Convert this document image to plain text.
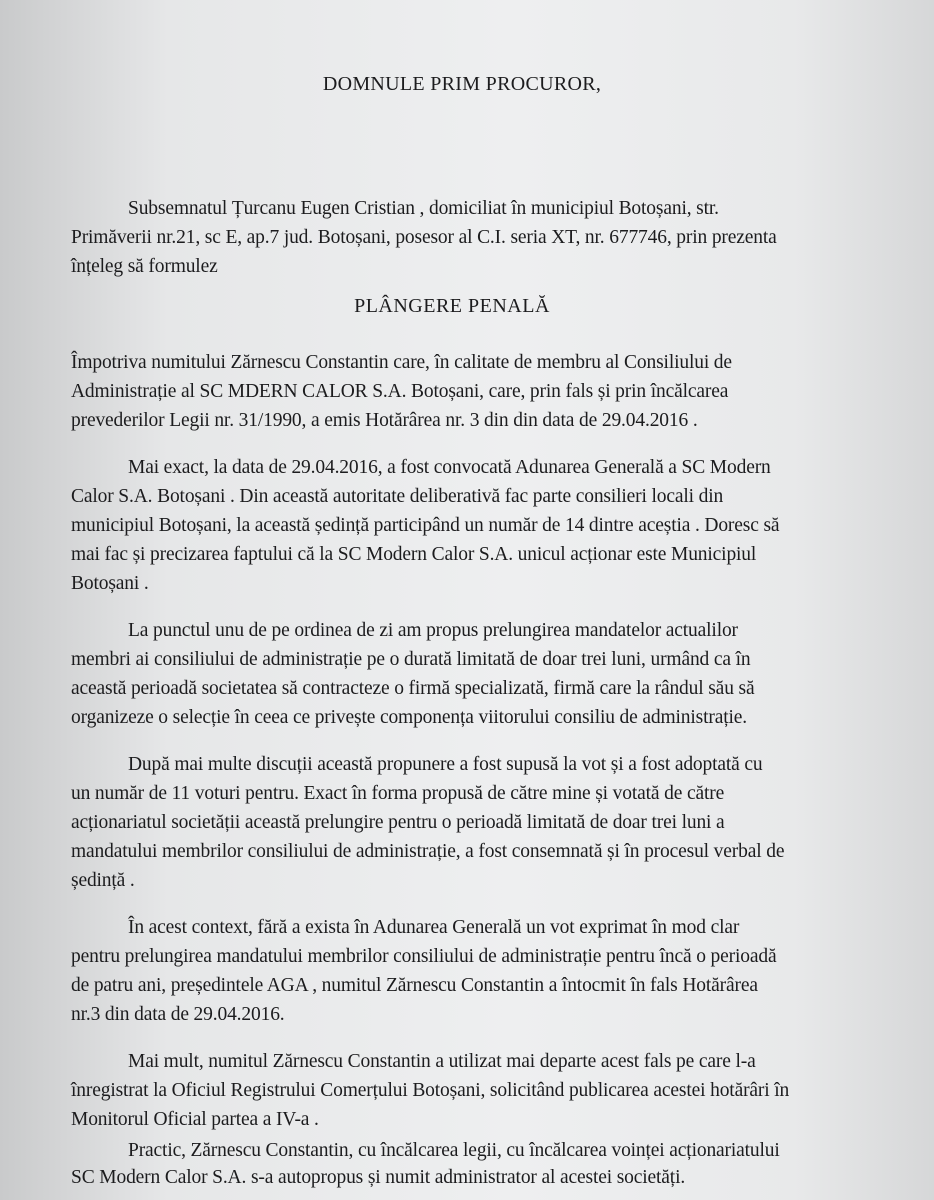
DOMNULE PRIM PROCUROR,
Subsemnatul Țurcanu Eugen Cristian , domiciliat în municipiul Botoșani, str.
Primăverii nr.21, sc E, ap.7 jud. Botoșani, posesor al C.I. seria XT, nr. 677746, prin prezenta
înțeleg să formulez
PLÂNGERE PENALĂ
Împotriva numitului Zărnescu Constantin care, în calitate de membru al Consiliului de
Administrație al SC MDERN CALOR S.A. Botoșani, care, prin fals și prin încălcarea
prevederilor Legii nr. 31/1990, a emis Hotărârea nr. 3 din din data de 29.04.2016 .
Mai exact, la data de 29.04.2016, a fost convocată Adunarea Generală a SC Modern
Calor S.A. Botoșani . Din această autoritate deliberativă fac parte consilieri locali din
municipiul Botoșani, la această ședință participând un număr de 14 dintre aceștia . Doresc să
mai fac și precizarea faptului că la SC Modern Calor S.A. unicul acționar este Municipiul
Botoșani .
La punctul unu de pe ordinea de zi am propus prelungirea mandatelor actualilor
membri ai consiliului de administrație pe o durată limitată de doar trei luni, urmând ca în
această perioadă societatea să contracteze o firmă specializată, firmă care la rândul său să
organizeze o selecție în ceea ce privește componența viitorului consiliu de administrație.
După mai multe discuții această propunere a fost supusă la vot și a fost adoptată cu
un număr de 11 voturi pentru. Exact în forma propusă de către mine și votată de către
acționariatul societății această prelungire pentru o perioadă limitată de doar trei luni a
mandatului membrilor consiliului de administrație, a fost consemnată și în procesul verbal de
ședință .
În acest context, fără a exista în Adunarea Generală un vot exprimat în mod clar
pentru prelungirea mandatului membrilor consiliului de administrație pentru încă o perioadă
de patru ani, președintele AGA , numitul Zărnescu Constantin a întocmit în fals Hotărârea
nr.3 din data de 29.04.2016.
Mai mult, numitul Zărnescu Constantin a utilizat mai departe acest fals pe care l-a
înregistrat la Oficiul Registrului Comerțului Botoșani, solicitând publicarea acestei hotărâri în
Monitorul Oficial partea a IV-a .
Practic, Zărnescu Constantin, cu încălcarea legii, cu încălcarea voinței acționariatului
SC Modern Calor S.A. s-a autopropus și numit administrator al acestei societăți.
